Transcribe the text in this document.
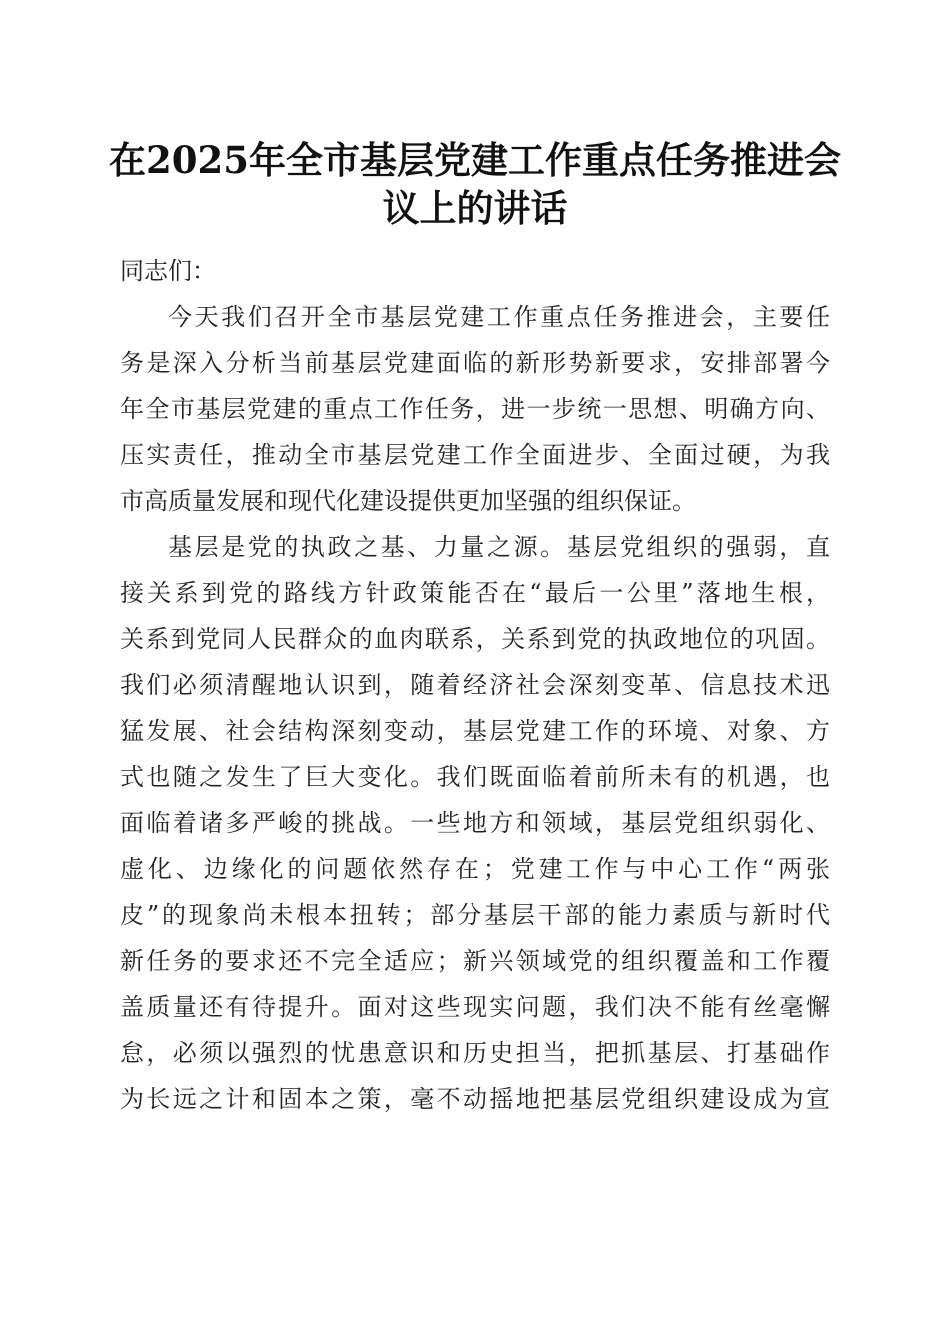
在2025年全市基层党建工作重点任务推进会
议上的讲话
同志们：
今天我们召开全市基层党建工作重点任务推进会，主要任
务是深入分析当前基层党建面临的新形势新要求，安排部署今
年全市基层党建的重点工作任务，进一步统一思想、明确方向、
压实责任，推动全市基层党建工作全面进步、全面过硬，为我
市高质量发展和现代化建设提供更加坚强的组织保证。
基层是党的执政之基、力量之源。基层党组织的强弱，直
接关系到党的路线方针政策能否在“最后一公里”落地生根，
关系到党同人民群众的血肉联系，关系到党的执政地位的巩固。
我们必须清醒地认识到，随着经济社会深刻变革、信息技术迅
猛发展、社会结构深刻变动，基层党建工作的环境、对象、方
式也随之发生了巨大变化。我们既面临着前所未有的机遇，也
面临着诸多严峻的挑战。一些地方和领域，基层党组织弱化、
虚化、边缘化的问题依然存在；党建工作与中心工作“两张
皮”的现象尚未根本扭转；部分基层干部的能力素质与新时代
新任务的要求还不完全适应；新兴领域党的组织覆盖和工作覆
盖质量还有待提升。面对这些现实问题，我们决不能有丝毫懈
怠，必须以强烈的忧患意识和历史担当，把抓基层、打基础作
为长远之计和固本之策，毫不动摇地把基层党组织建设成为宣
